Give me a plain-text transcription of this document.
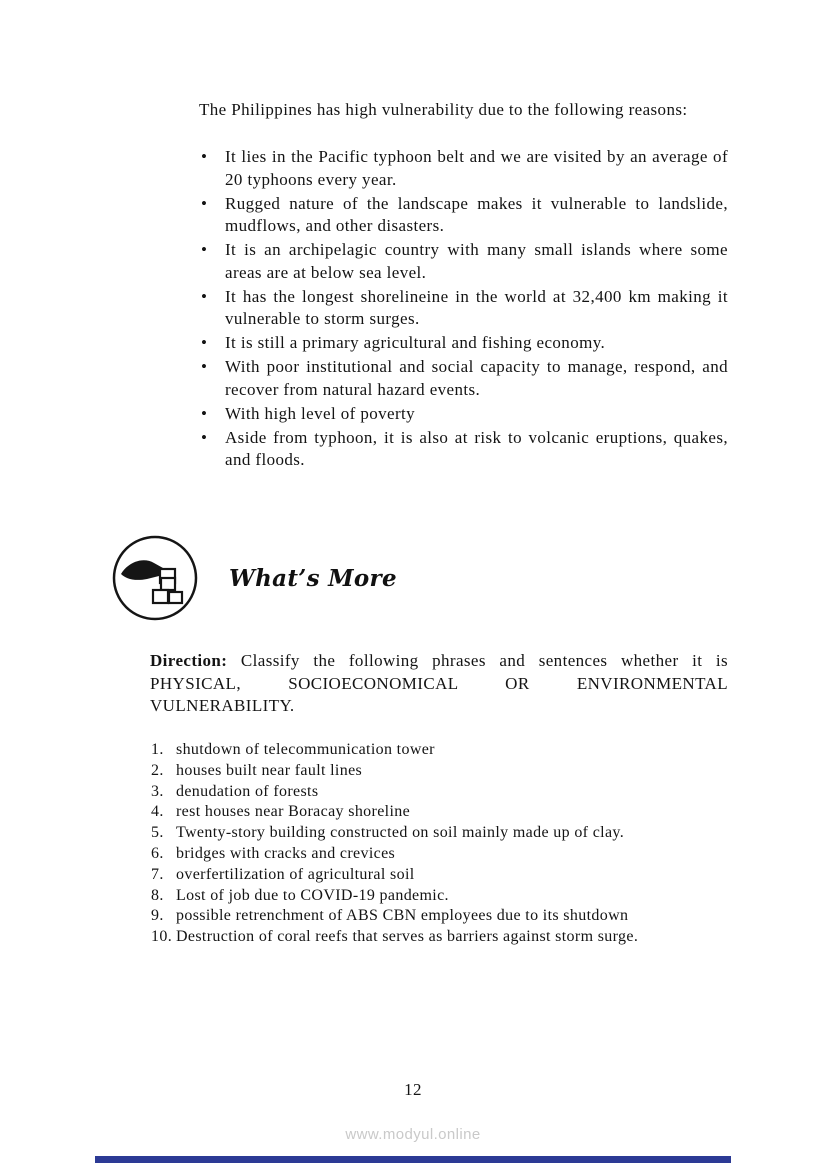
The Philippines has high vulnerability due to the following reasons:

•	It lies in the Pacific typhoon belt and we are visited by an average of 20 typhoons every year.
•	Rugged nature of the landscape makes it vulnerable to landslide, mudflows, and other disasters.
•	It is an archipelagic country with many small islands where some areas are at below sea level.
•	It has the longest shorelineine in the world at 32,400 km making it vulnerable to storm surges.
•	It is still a primary agricultural and fishing economy.
•	With poor institutional and social capacity to manage, respond, and recover from natural hazard events.
•	With high level of poverty
•	Aside from typhoon, it is also at risk to volcanic eruptions, quakes, and floods.
What’s More

Direction: Classify the following phrases and sentences whether it is PHYSICAL, SOCIOECONOMICAL OR ENVIRONMENTAL VULNERABILITY.

1. shutdown of telecommunication tower
2. houses built near fault lines
3. denudation of forests
4. rest houses near Boracay shoreline
5. Twenty-story building constructed on soil mainly made up of clay.
6. bridges with cracks and crevices
7. overfertilization of agricultural soil
8. Lost of job due to COVID-19 pandemic.
9. possible retrenchment of ABS CBN employees due to its shutdown
10. Destruction of coral reefs that serves as barriers against storm surge.
12
www.modyul.online
